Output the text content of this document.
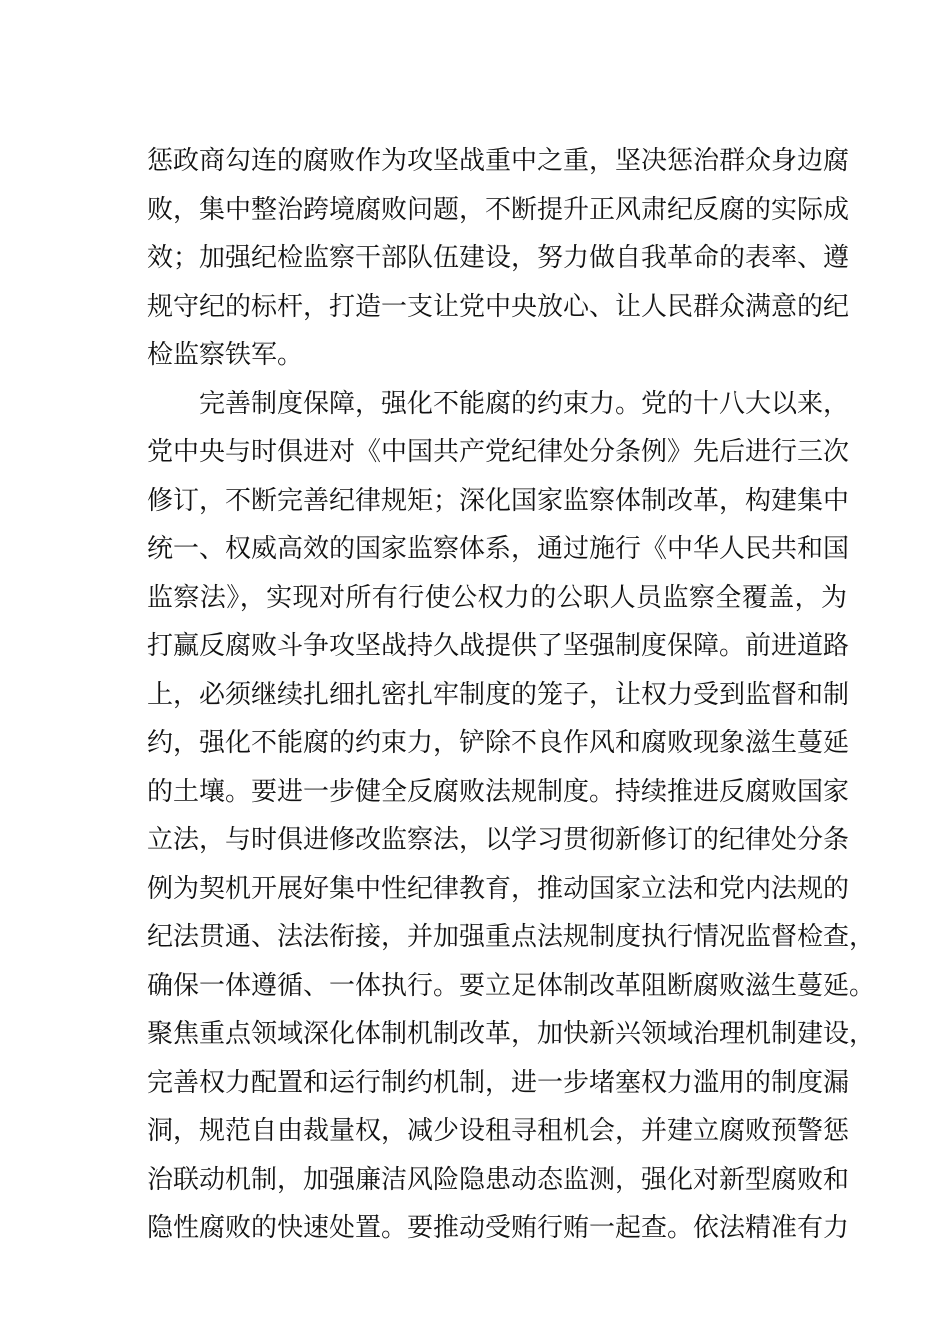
惩政商勾连的腐败作为攻坚战重中之重，坚决惩治群众身边腐
败，集中整治跨境腐败问题，不断提升正风肃纪反腐的实际成
效；加强纪检监察干部队伍建设，努力做自我革命的表率、遵
规守纪的标杆，打造一支让党中央放心、让人民群众满意的纪
检监察铁军。
完善制度保障，强化不能腐的约束力。党的十八大以来，
党中央与时俱进对《中国共产党纪律处分条例》先后进行三次
修订，不断完善纪律规矩；深化国家监察体制改革，构建集中
统一、权威高效的国家监察体系，通过施行《中华人民共和国
监察法》，实现对所有行使公权力的公职人员监察全覆盖，为
打赢反腐败斗争攻坚战持久战提供了坚强制度保障。前进道路
上，必须继续扎细扎密扎牢制度的笼子，让权力受到监督和制
约，强化不能腐的约束力，铲除不良作风和腐败现象滋生蔓延
的土壤。要进一步健全反腐败法规制度。持续推进反腐败国家
立法，与时俱进修改监察法，以学习贯彻新修订的纪律处分条
例为契机开展好集中性纪律教育，推动国家立法和党内法规的
纪法贯通、法法衔接，并加强重点法规制度执行情况监督检查，
确保一体遵循、一体执行。要立足体制改革阻断腐败滋生蔓延。
聚焦重点领域深化体制机制改革，加快新兴领域治理机制建设，
完善权力配置和运行制约机制，进一步堵塞权力滥用的制度漏
洞，规范自由裁量权，减少设租寻租机会，并建立腐败预警惩
治联动机制，加强廉洁风险隐患动态监测，强化对新型腐败和
隐性腐败的快速处置。要推动受贿行贿一起查。依法精准有力
